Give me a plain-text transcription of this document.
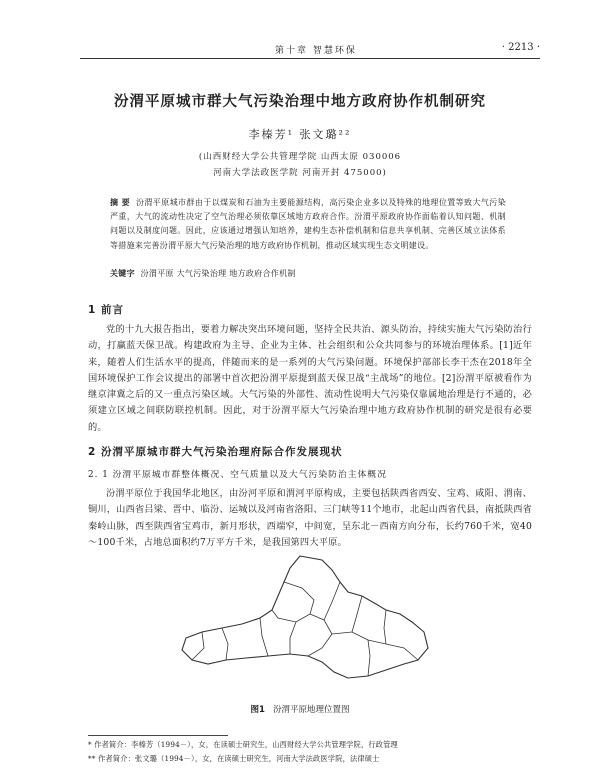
第十章 智慧环保	· 2213 ·
汾渭平原城市群大气污染治理中地方政府协作机制研究
李榛芳¹ 张文璐²²
(山西财经大学公共管理学院 山西太原 030006
河南大学法政医学院 河南开封 475000)
摘 要 汾渭平原城市群由于以煤炭和石油为主要能源结构，高污染企业多以及特殊的地理位置等致大气污染严重，大气的流动性决定了空气治理必须依靠区域地方政府合作。汾渭平原政府协作面临着认知问题、机制问题以及制度问题。因此，应该通过增强认知培养，建构生态补偿机制和信息共享机制、完善区域立法体系等措施来完善汾渭平原大气污染治理的地方政府协作机制，推动区域实现生态文明建设。
关键字 汾渭平原 大气污染治理 地方政府合作机制
1 前言
党的十九大报告指出，要着力解决突出环境问题，坚持全民共治、源头防治，持续实施大气污染防治行动，打赢蓝天保卫战。构建政府为主导、企业为主体、社会组织和公众共同参与的环境治理体系。[1]近年来，随着人们生活水平的提高，伴随而来的是一系列的大气污染问题。环境保护部部长李干杰在2018年全国环境保护工作会议提出的部署中首次把汾渭平原提到蓝天保卫战“主战场”的地位。[2]汾渭平原被看作为继京津冀之后的又一重点污染区域。大气污染的外部性、流动性说明大气污染仅靠属地治理是行不通的，必须建立区域之间联防联控机制。因此，对于汾渭平原大气污染治理中地方政府协作机制的研究是很有必要的。
2 汾渭平原城市群大气污染治理府际合作发展现状
2. 1 汾渭平原城市群整体概况、空气质量以及大气污染防治主体概况
汾渭平原位于我国华北地区，由汾河平原和渭河平原构成，主要包括陕西省西安、宝鸡、咸阳、渭南、铜川，山西省吕梁、晋中、临汾、运城以及河南省洛阳、三门峡等11个地市，北起山西省代县，南抵陕西省秦岭山脉，西至陕西省宝鸡市，新月形状，西端窄，中间宽，呈东北－西南方向分布，长约760千米，宽40～100千米，占地总面积约7万平方千米，是我国第四大平原。
图1 汾渭平原地理位置图
* 作者简介：李榛芳（1994－），女，在读硕士研究生，山西财经大学公共管理学院，行政管理
** 作者简介：张文璐（1994－），女，在读硕士研究生，河南大学法政医学院，法律硕士
